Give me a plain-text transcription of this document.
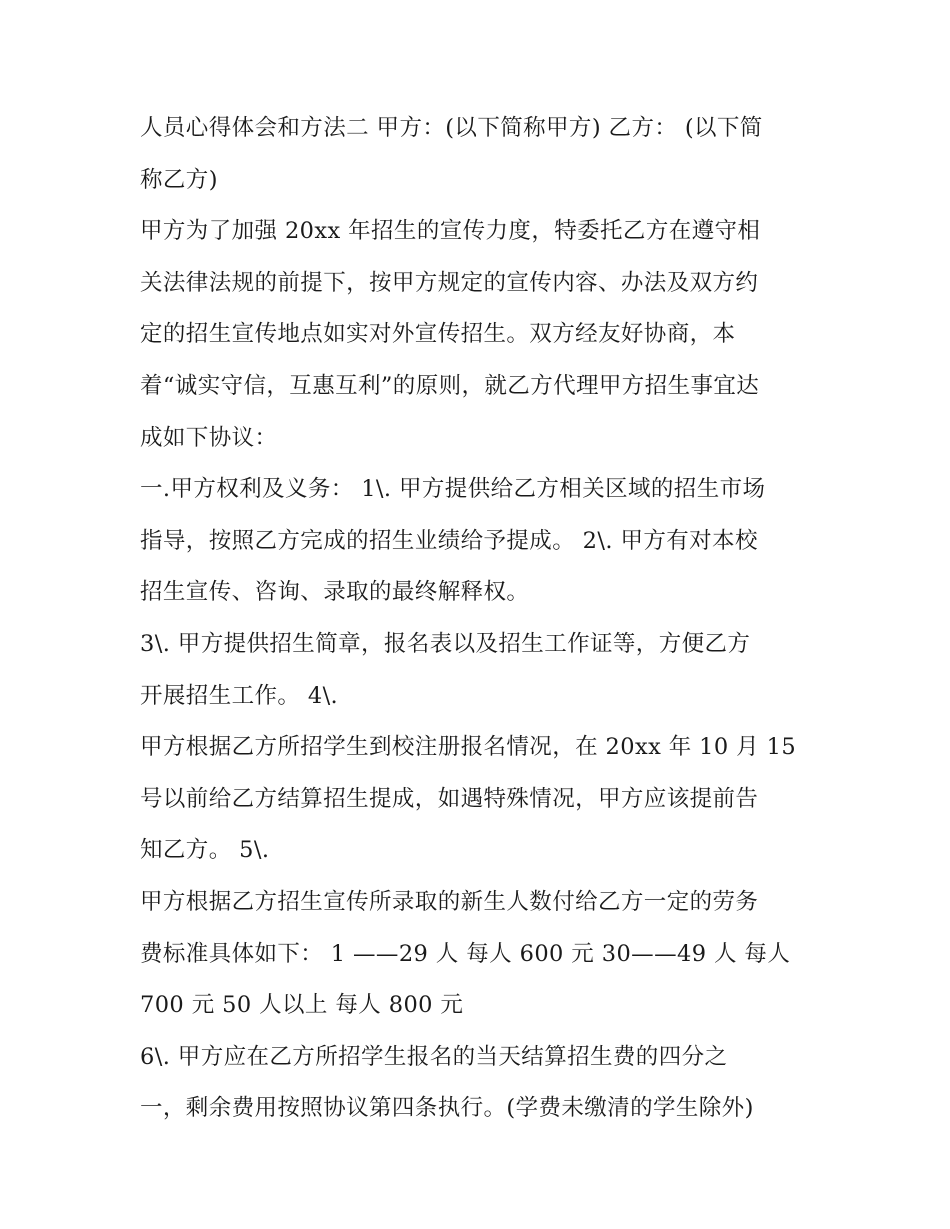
人员心得体会和方法二 甲方：(以下简称甲方) 乙方： (以下简
称乙方)
甲方为了加强 20xx 年招生的宣传力度，特委托乙方在遵守相
关法律法规的前提下，按甲方规定的宣传内容、办法及双方约
定的招生宣传地点如实对外宣传招生。双方经友好协商，本
着“诚实守信，互惠互利”的原则，就乙方代理甲方招生事宜达
成如下协议：
一.甲方权利及义务： 1\. 甲方提供给乙方相关区域的招生市场
指导，按照乙方完成的招生业绩给予提成。 2\. 甲方有对本校
招生宣传、咨询、录取的最终解释权。
3\. 甲方提供招生简章，报名表以及招生工作证等，方便乙方
开展招生工作。 4\.
甲方根据乙方所招学生到校注册报名情况，在 20xx 年 10 月 15
号以前给乙方结算招生提成，如遇特殊情况，甲方应该提前告
知乙方。 5\.
甲方根据乙方招生宣传所录取的新生人数付给乙方一定的劳务
费标准具体如下： 1 ——29 人 每人 600 元 30——49 人 每人
700 元 50 人以上 每人 800 元
6\. 甲方应在乙方所招学生报名的当天结算招生费的四分之
一，剩余费用按照协议第四条执行。(学费未缴清的学生除外)
